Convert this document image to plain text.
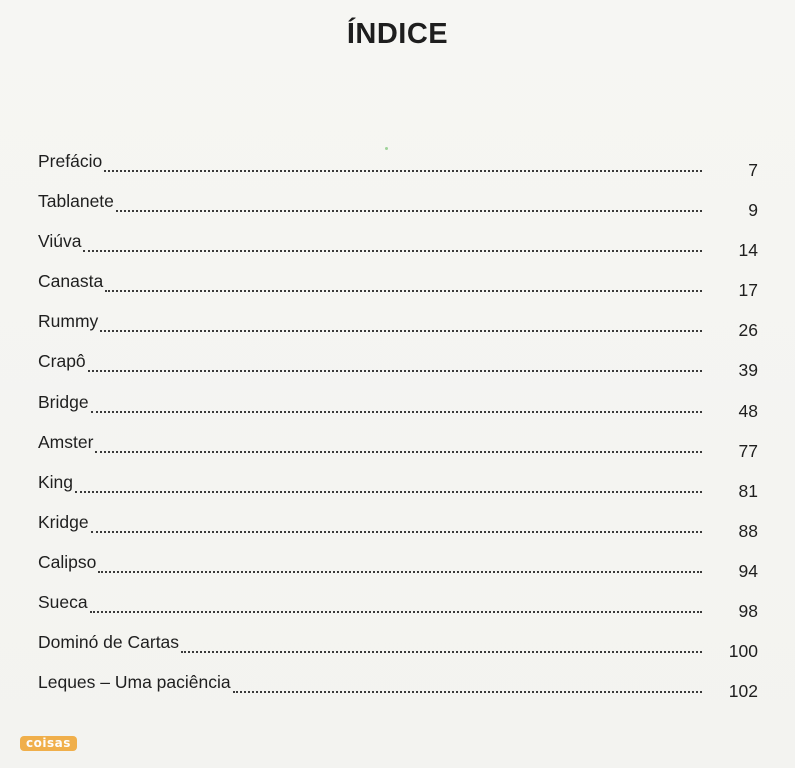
ÍNDICE
Prefácio	7
Tablanete	9
Viúva	14
Canasta	17
Rummy	26
Crapô	39
Bridge	48
Amster	77
King	81
Kridge	88
Calipso	94
Sueca	98
Dominó de Cartas	100
Leques – Uma paciência	102
coisas
